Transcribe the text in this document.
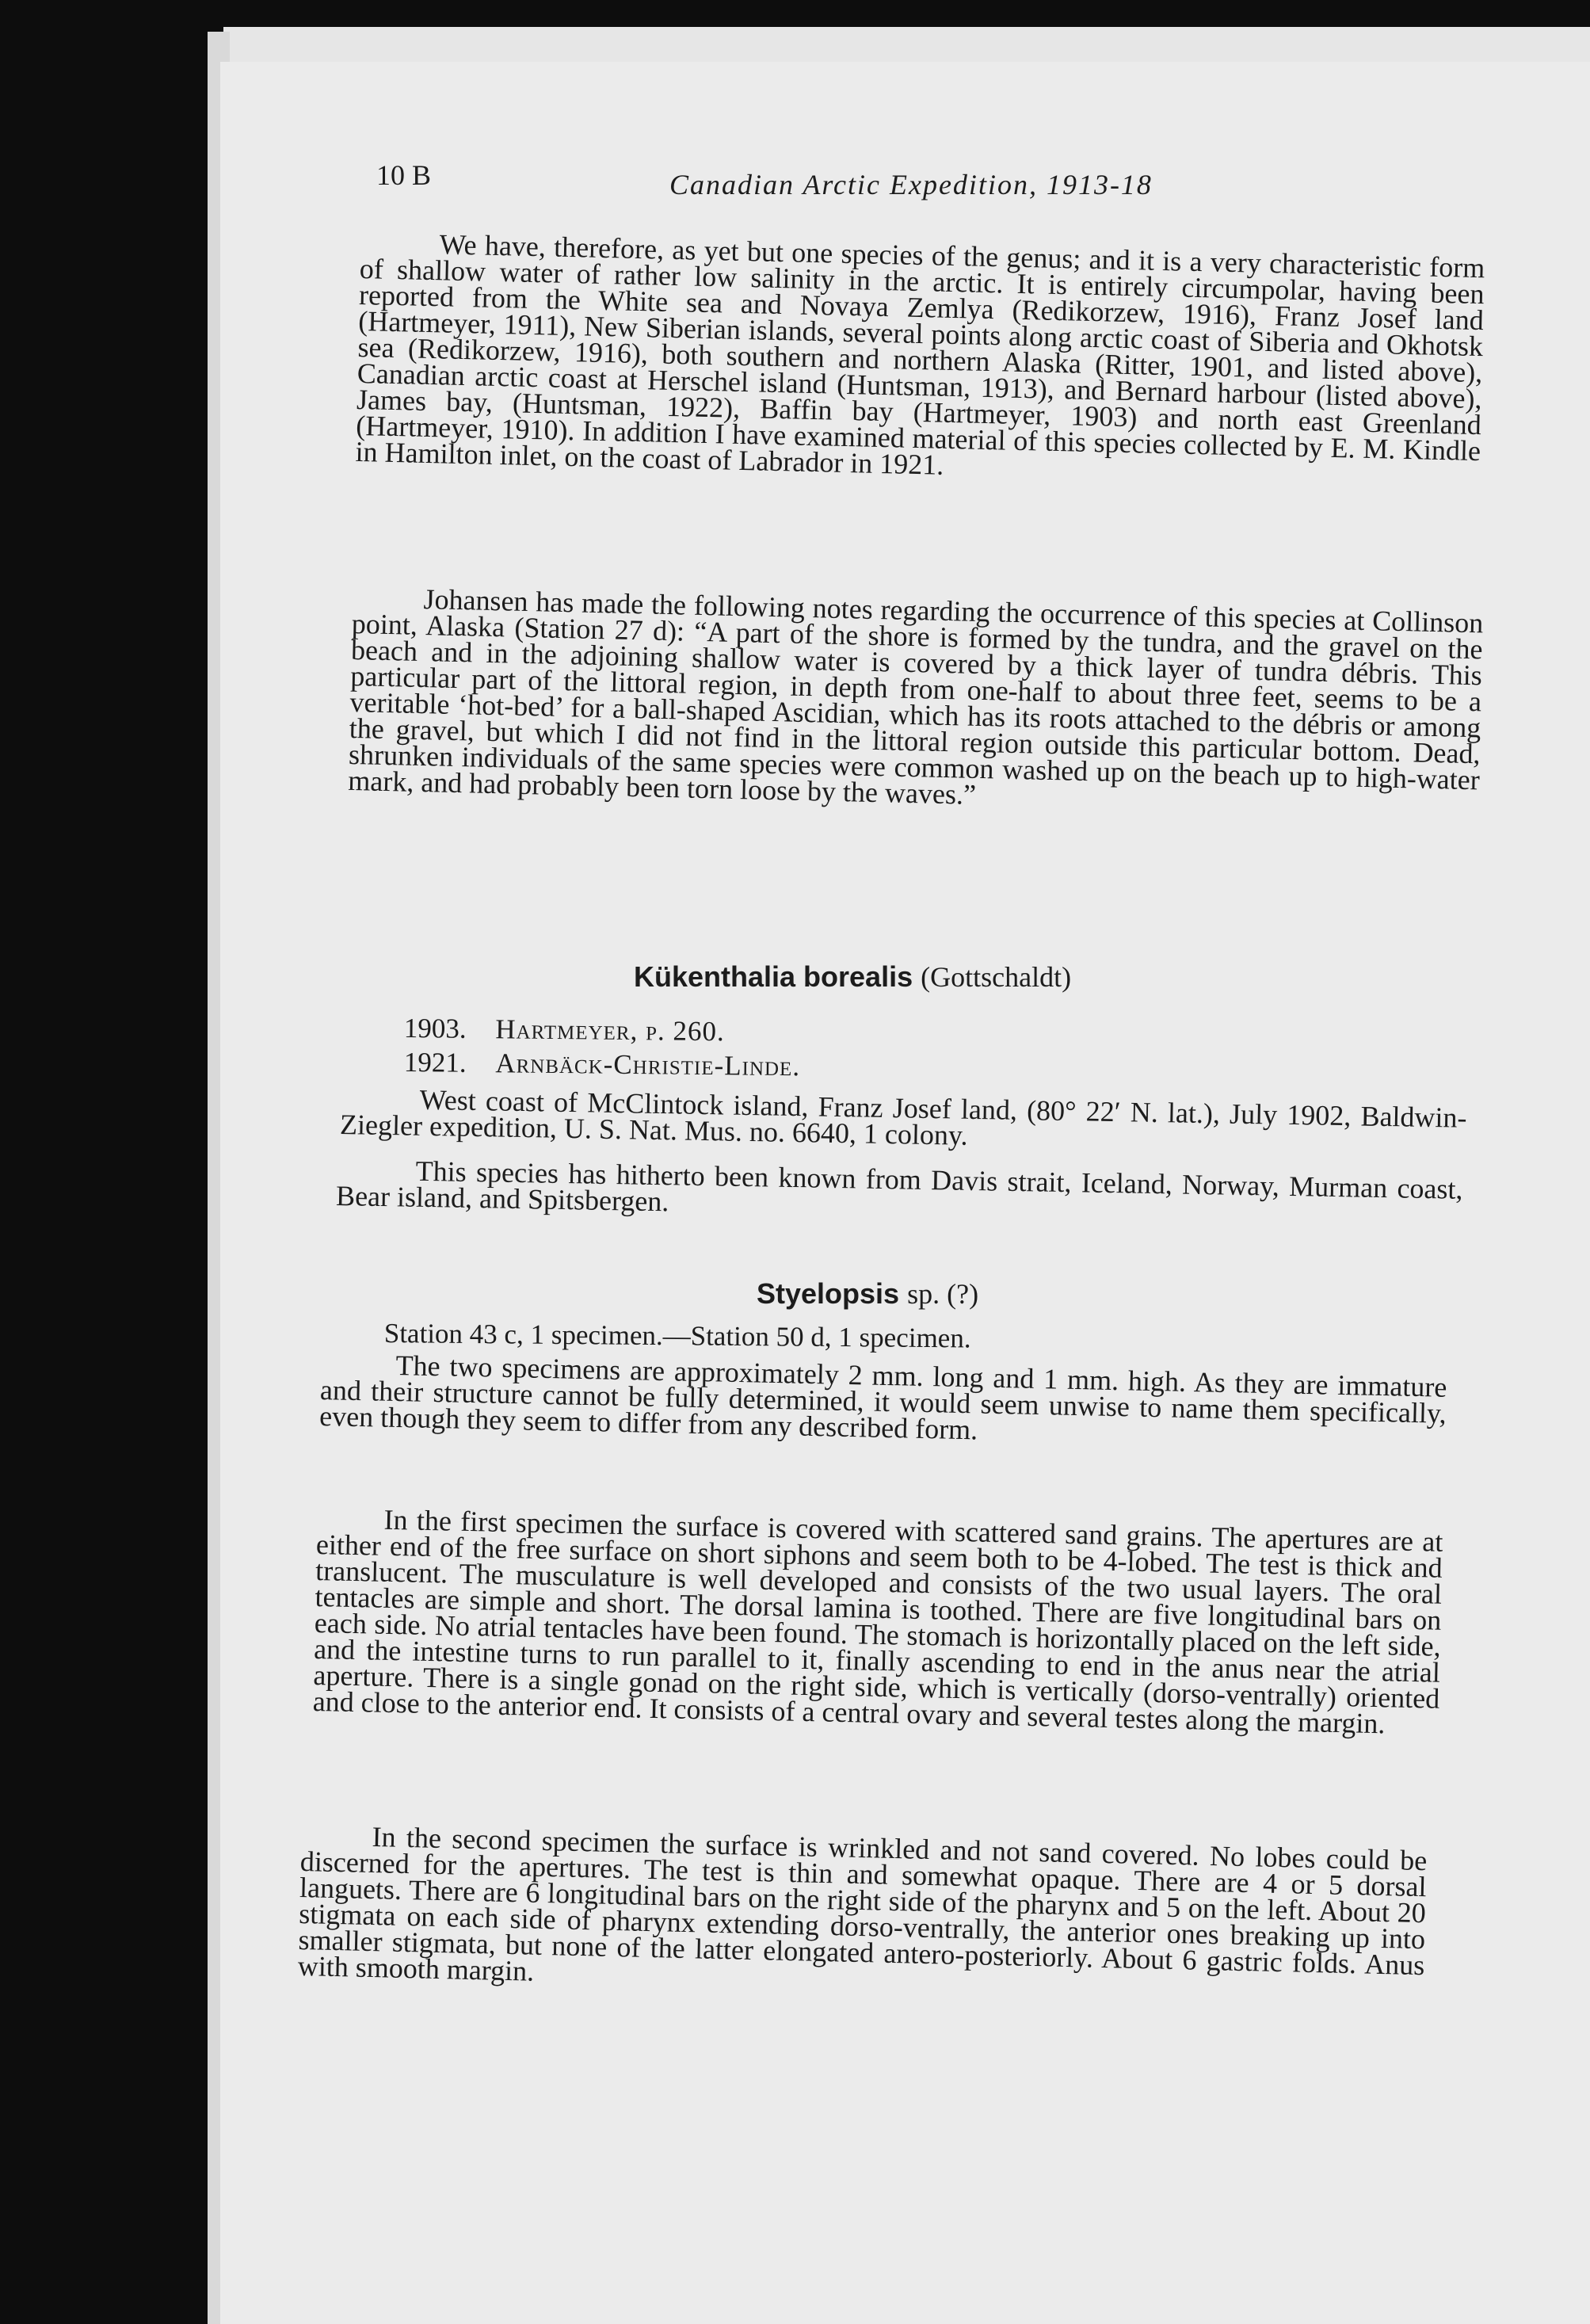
10 B	Canadian Arctic Expedition, 1913-18

We have, therefore, as yet but one species of the genus; and it is a very characteristic form of shallow water of rather low salinity in the arctic. It is entirely circumpolar, having been reported from the White sea and Novaya Zemlya (Redikorzew, 1916), Franz Josef land (Hartmeyer, 1911), New Siberian islands, several points along arctic coast of Siberia and Okhotsk sea (Redikorzew, 1916), both southern and northern Alaska (Ritter, 1901, and listed above), Canadian arctic coast at Herschel island (Huntsman, 1913), and Bernard harbour (listed above), James bay, (Huntsman, 1922), Baffin bay (Hartmeyer, 1903) and north east Greenland (Hartmeyer, 1910). In addition I have examined material of this species collected by E. M. Kindle in Hamilton inlet, on the coast of Labrador in 1921.

Johansen has made the following notes regarding the occurrence of this species at Collinson point, Alaska (Station 27 d): “A part of the shore is formed by the tundra, and the gravel on the beach and in the adjoining shallow water is covered by a thick layer of tundra débris. This particular part of the littoral region, in depth from one-half to about three feet, seems to be a veritable ‘hot-bed’ for a ball-shaped Ascidian, which has its roots attached to the débris or among the gravel, but which I did not find in the littoral region outside this particular bottom. Dead, shrunken individuals of the same species were common washed up on the beach up to high-water mark, and had probably been torn loose by the waves.”

Kükenthalia borealis (Gottschaldt)
1903. Hartmeyer, p. 260.
1921. Arnbäck-Christie-Linde.

West coast of McClintock island, Franz Josef land, (80° 22′ N. lat.), July 1902, Baldwin-Ziegler expedition, U. S. Nat. Mus. no. 6640, 1 colony.

This species has hitherto been known from Davis strait, Iceland, Norway, Murman coast, Bear island, and Spitsbergen.

Styelopsis sp. (?)
Station 43 c, 1 specimen.—Station 50 d, 1 specimen.

The two specimens are approximately 2 mm. long and 1 mm. high. As they are immature and their structure cannot be fully determined, it would seem unwise to name them specifically, even though they seem to differ from any described form.

In the first specimen the surface is covered with scattered sand grains. The apertures are at either end of the free surface on short siphons and seem both to be 4-lobed. The test is thick and translucent. The musculature is well developed and consists of the two usual layers. The oral tentacles are simple and short. The dorsal lamina is toothed. There are five longitudinal bars on each side. No atrial tentacles have been found. The stomach is horizontally placed on the left side, and the intestine turns to run parallel to it, finally ascending to end in the anus near the atrial aperture. There is a single gonad on the right side, which is vertically (dorso-ventrally) oriented and close to the anterior end. It consists of a central ovary and several testes along the margin.

In the second specimen the surface is wrinkled and not sand covered. No lobes could be discerned for the apertures. The test is thin and somewhat opaque. There are 4 or 5 dorsal languets. There are 6 longitudinal bars on the right side of the pharynx and 5 on the left. About 20 stigmata on each side of pharynx extending dorso-ventrally, the anterior ones breaking up into smaller stigmata, but none of the latter elongated antero-posteriorly. About 6 gastric folds. Anus with smooth margin.
